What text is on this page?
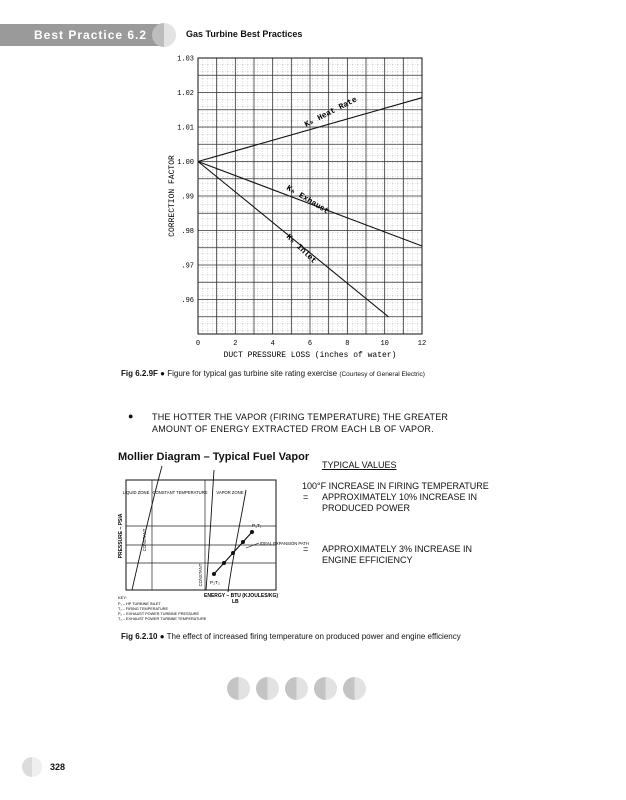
Best Practice 6.2	Gas Turbine Best Practices
0	2	4	6	8	10	12
1.03
1.02
1.01
1.00
.99
.98
.97
.96
Kₕ Heat Rate
Kₕ Exhaust
Kₕ Inlet
CORRECTION FACTOR
DUCT PRESSURE LOSS (inches of water)
LIQUID ZONE CONSTANT TEMPERATURE VAPOR ZONE
P₁T₁
P₂T₂
IDEAL EXPANSION PATH
CONSTANT
CONSTANT
PRESSURE – PSIA
ENERGY – BTU (KJOULES/KG)
LB
KEY:
P₁ – HP TURBINE INLET
T₁ – FIRING TEMPERATURE
P₂ – EXHAUST POWER TURBINE PRESSURE
T₂ – EXHAUST POWER TURBINE TEMPERATURE
Fig 6.2.9F ● Figure for typical gas turbine site rating exercise (Courtesy of General Electric)
● THE HOTTER THE VAPOR (FIRING TEMPERATURE) THE GREATER AMOUNT OF ENERGY EXTRACTED FROM EACH LB OF VAPOR.
Mollier Diagram – Typical Fuel Vapor
TYPICAL VALUES
100°F INCREASE IN FIRING TEMPERATURE
= APPROXIMATELY 10% INCREASE IN PRODUCED POWER
= APPROXIMATELY 3% INCREASE IN ENGINE EFFICIENCY
Fig 6.2.10 ● The effect of increased firing temperature on produced power and engine efficiency
328
